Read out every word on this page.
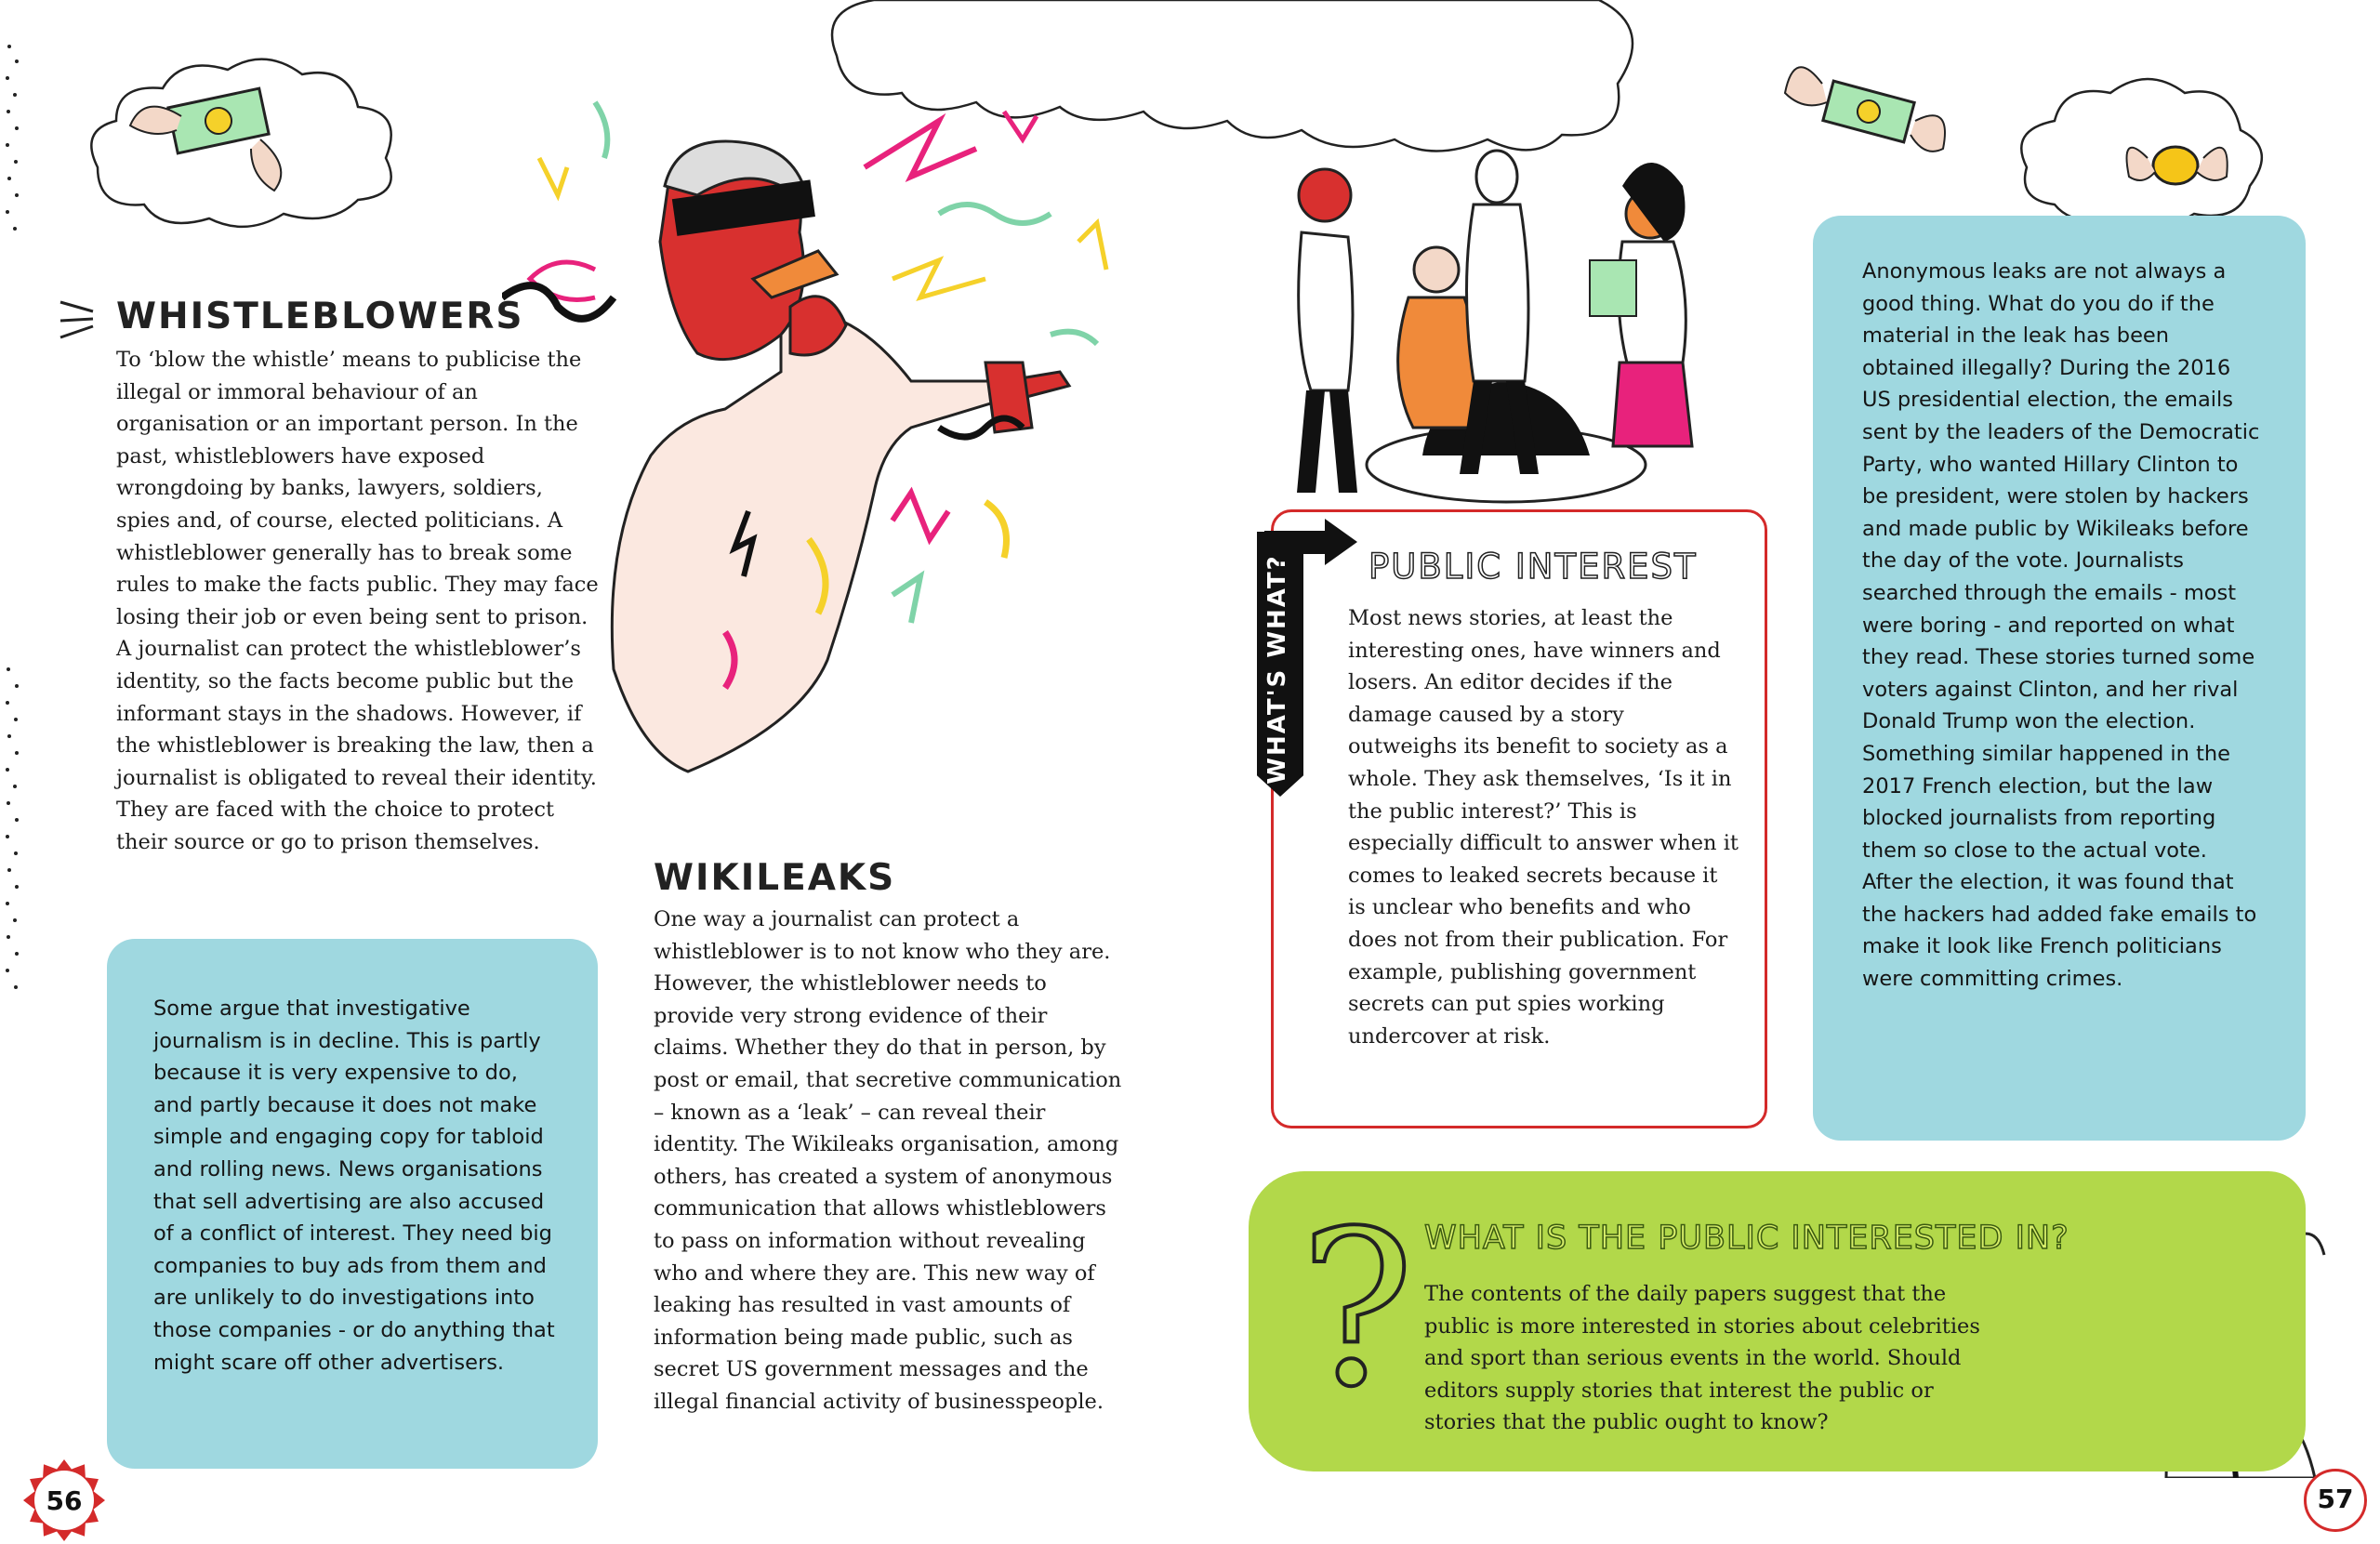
WHISTLEBLOWERS

To ‘blow the whistle’ means to publicise the illegal or immoral behaviour of an organisation or an important person. In the past, whistleblowers have exposed wrongdoing by banks, lawyers, soldiers, spies and, of course, elected politicians. A whistleblower generally has to break some rules to make the facts public. They may face losing their job or even being sent to prison. A journalist can protect the whistleblower’s identity, so the facts become public but the informant stays in the shadows. However, if the whistleblower is breaking the law, then a journalist is obligated to reveal their identity. They are faced with the choice to protect their source or go to prison themselves.

Some argue that investigative journalism is in decline. This is partly because it is very expensive to do, and partly because it does not make simple and engaging copy for tabloid and rolling news. News organisations that sell advertising are also accused of a conflict of interest. They need big companies to buy ads from them and are unlikely to do investigations into those companies - or do anything that might scare off other advertisers.
WIKILEAKS
One way a journalist can protect a whistleblower is to not know who they are. However, the whistleblower needs to provide very strong evidence of their claims. Whether they do that in person, by post or email, that secretive communication – known as a ‘leak’ – can reveal their identity. The Wikileaks organisation, among others, has created a system of anonymous communication that allows whistleblowers to pass on information without revealing who and where they are. This new way of leaking has resulted in vast amounts of information being made public, such as secret US government messages and the illegal financial activity of businesspeople.
WHAT'S WHAT? PUBLIC INTEREST
Most news stories, at least the interesting ones, have winners and losers. An editor decides if the damage caused by a story outweighs its benefit to society as a whole. They ask themselves, ‘Is it in the public interest?’ This is especially difficult to answer when it comes to leaked secrets because it is unclear who benefits and who does not from their publication. For example, publishing government secrets can put spies working undercover at risk.
Anonymous leaks are not always a good thing. What do you do if the material in the leak has been obtained illegally? During the 2016 US presidential election, the emails sent by the leaders of the Democratic Party, who wanted Hillary Clinton to be president, were stolen by hackers and made public by Wikileaks before the day of the vote. Journalists searched through the emails - most were boring - and reported on what they read. These stories turned some voters against Clinton, and her rival Donald Trump won the election. Something similar happened in the 2017 French election, but the law blocked journalists from reporting them so close to the actual vote. After the election, it was found that the hackers had added fake emails to make it look like French politicians were committing crimes.
? WHAT IS THE PUBLIC INTERESTED IN?
The contents of the daily papers suggest that the public is more interested in stories about celebrities and sport than serious events in the world. Should editors supply stories that interest the public or stories that the public ought to know?
56	57
